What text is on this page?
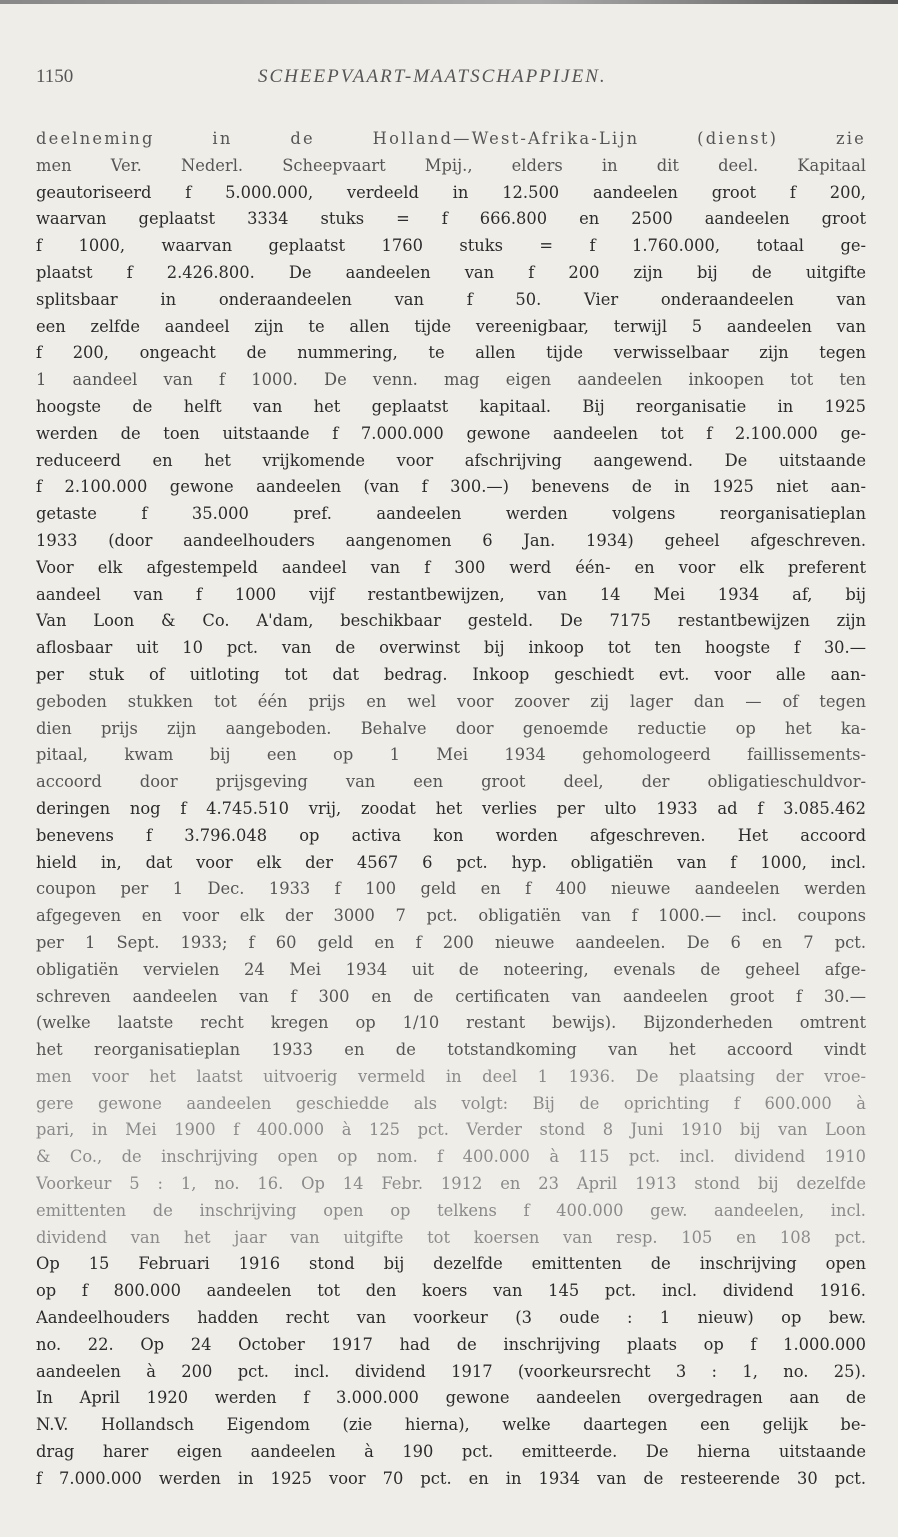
1150	SCHEEPVAART-MAATSCHAPPIJEN.
deelneming in de Holland—West-Afrika-Lijn (dienst) zie
men Ver. Nederl. Scheepvaart Mpij., elders in dit deel. Kapitaal
geautoriseerd f 5.000.000, verdeeld in 12.500 aandeelen groot f 200,
waarvan geplaatst 3334 stuks = f 666.800 en 2500 aandeelen groot
f 1000, waarvan geplaatst 1760 stuks = f 1.760.000, totaal ge-
plaatst f 2.426.800. De aandeelen van f 200 zijn bij de uitgifte
splitsbaar in onderaandeelen van f 50. Vier onderaandeelen van
een zelfde aandeel zijn te allen tijde vereenigbaar, terwijl 5 aandeelen van
f 200, ongeacht de nummering, te allen tijde verwisselbaar zijn tegen
1 aandeel van f 1000. De venn. mag eigen aandeelen inkoopen tot ten
hoogste de helft van het geplaatst kapitaal. Bij reorganisatie in 1925
werden de toen uitstaande f 7.000.000 gewone aandeelen tot f 2.100.000 ge-
reduceerd en het vrijkomende voor afschrijving aangewend. De uitstaande
f 2.100.000 gewone aandeelen (van f 300.—) benevens de in 1925 niet aan-
getaste f 35.000 pref. aandeelen werden volgens reorganisatieplan
1933 (door aandeelhouders aangenomen 6 Jan. 1934) geheel afgeschreven.
Voor elk afgestempeld aandeel van f 300 werd één- en voor elk preferent
aandeel van f 1000 vijf restantbewijzen, van 14 Mei 1934 af, bij
Van Loon & Co. A'dam, beschikbaar gesteld. De 7175 restantbewijzen zijn
aflosbaar uit 10 pct. van de overwinst bij inkoop tot ten hoogste f 30.—
per stuk of uitloting tot dat bedrag. Inkoop geschiedt evt. voor alle aan-
geboden stukken tot één prijs en wel voor zoover zij lager dan — of tegen
dien prijs zijn aangeboden. Behalve door genoemde reductie op het ka-
pitaal, kwam bij een op 1 Mei 1934 gehomologeerd faillissements-
accoord door prijsgeving van een groot deel, der obligatieschuldvor-
deringen nog f 4.745.510 vrij, zoodat het verlies per ulto 1933 ad f 3.085.462
benevens f 3.796.048 op activa kon worden afgeschreven. Het accoord
hield in, dat voor elk der 4567 6 pct. hyp. obligatiën van f 1000, incl.
coupon per 1 Dec. 1933 f 100 geld en f 400 nieuwe aandeelen werden
afgegeven en voor elk der 3000 7 pct. obligatiën van f 1000.— incl. coupons
per 1 Sept. 1933; f 60 geld en f 200 nieuwe aandeelen. De 6 en 7 pct.
obligatiën vervielen 24 Mei 1934 uit de noteering, evenals de geheel afge-
schreven aandeelen van f 300 en de certificaten van aandeelen groot f 30.—
(welke laatste recht kregen op 1/10 restant bewijs). Bijzonderheden omtrent
het reorganisatieplan 1933 en de totstandkoming van het accoord vindt
men voor het laatst uitvoerig vermeld in deel 1 1936. De plaatsing der vroe-
gere gewone aandeelen geschiedde als volgt: Bij de oprichting f 600.000 à
pari, in Mei 1900 f 400.000 à 125 pct. Verder stond 8 Juni 1910 bij van Loon
& Co., de inschrijving open op nom. f 400.000 à 115 pct. incl. dividend 1910
Voorkeur 5 : 1, no. 16. Op 14 Febr. 1912 en 23 April 1913 stond bij dezelfde
emittenten de inschrijving open op telkens f 400.000 gew. aandeelen, incl.
dividend van het jaar van uitgifte tot koersen van resp. 105 en 108 pct.
Op 15 Februari 1916 stond bij dezelfde emittenten de inschrijving open
op f 800.000 aandeelen tot den koers van 145 pct. incl. dividend 1916.
Aandeelhouders hadden recht van voorkeur (3 oude : 1 nieuw) op bew.
no. 22. Op 24 October 1917 had de inschrijving plaats op f 1.000.000
aandeelen à 200 pct. incl. dividend 1917 (voorkeursrecht 3 : 1, no. 25).
In April 1920 werden f 3.000.000 gewone aandeelen overgedragen aan de
N.V. Hollandsch Eigendom (zie hierna), welke daartegen een gelijk be-
drag harer eigen aandeelen à 190 pct. emitteerde. De hierna uitstaande
f 7.000.000 werden in 1925 voor 70 pct. en in 1934 van de resteerende 30 pct.
